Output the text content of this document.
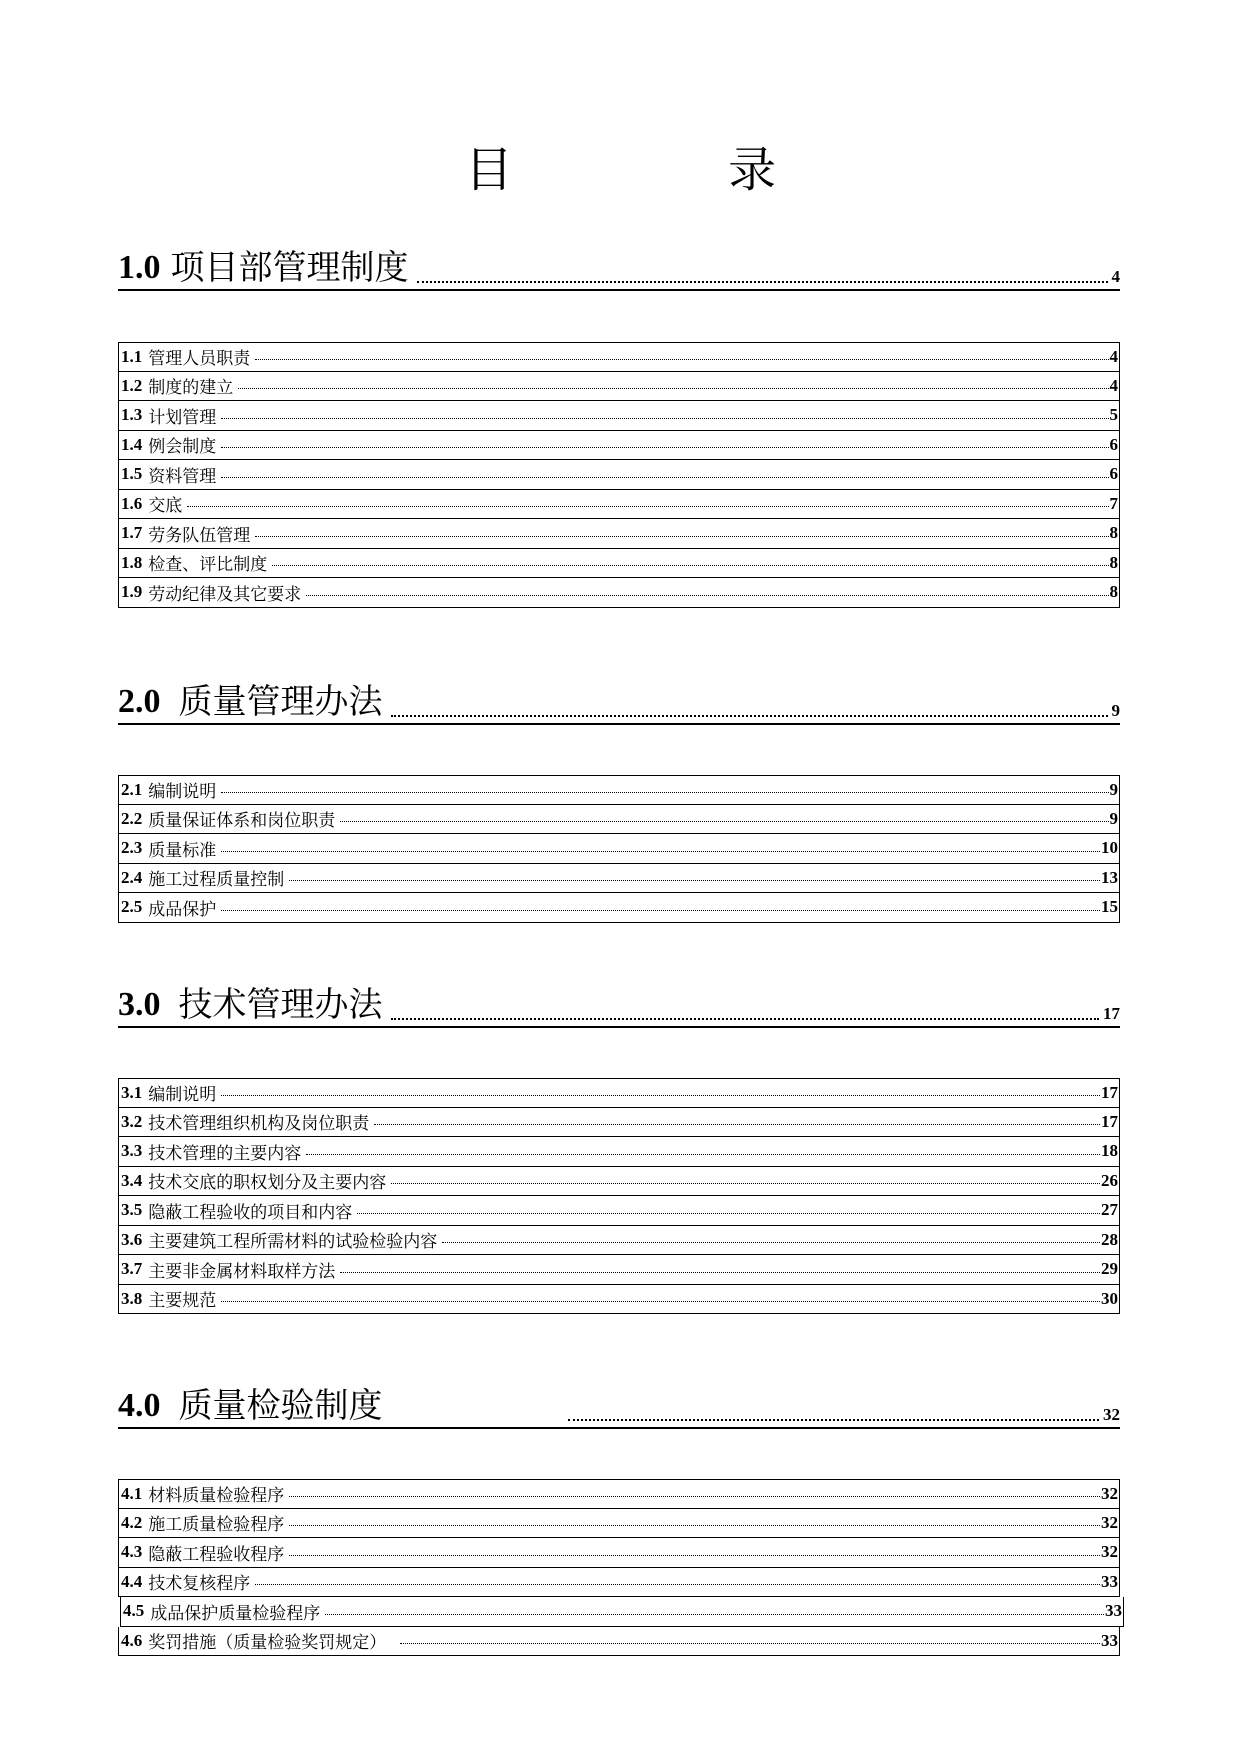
目 录
1.0 项目部管理制度	4
1.1 管理人员职责	4
1.2 制度的建立	4
1.3 计划管理	5
1.4 例会制度	6
1.5 资料管理	6
1.6 交底	7
1.7 劳务队伍管理	8
1.8 检查、评比制度	8
1.9 劳动纪律及其它要求	8
2.0 质量管理办法	9
2.1 编制说明	9
2.2 质量保证体系和岗位职责	9
2.3 质量标准	10
2.4 施工过程质量控制	13
2.5 成品保护	15
3.0 技术管理办法	17
3.1 编制说明	17
3.2 技术管理组织机构及岗位职责	17
3.3 技术管理的主要内容	18
3.4 技术交底的职权划分及主要内容	26
3.5 隐蔽工程验收的项目和内容	27
3.6 主要建筑工程所需材料的试验检验内容	28
3.7 主要非金属材料取样方法	29
3.8 主要规范	30
4.0 质量检验制度	32
4.1 材料质量检验程序	32
4.2 施工质量检验程序	32
4.3 隐蔽工程验收程序	32
4.4 技术复核程序	33
4.5 成品保护质量检验程序	33
4.6 奖罚措施（质量检验奖罚规定）	33
